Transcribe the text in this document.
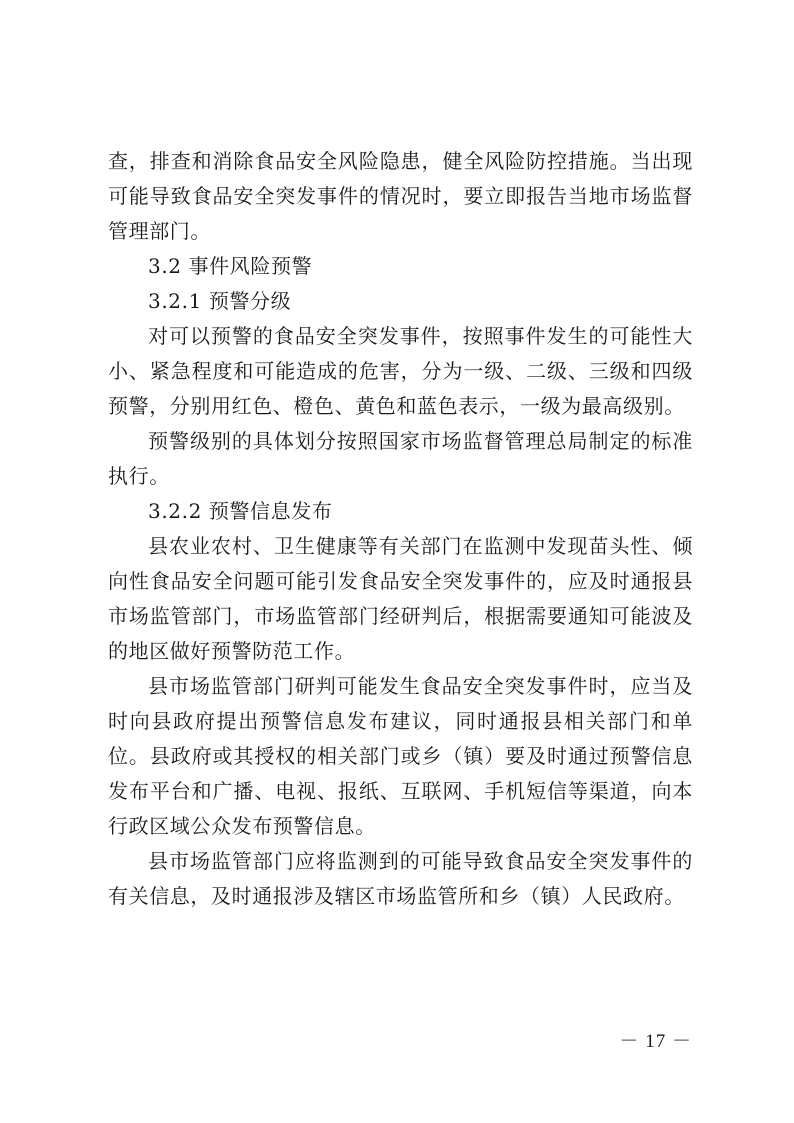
查，排查和消除食品安全风险隐患，健全风险防控措施。当出现可能导致食品安全突发事件的情况时，要立即报告当地市场监督管理部门。

3.2 事件风险预警

3.2.1 预警分级

对可以预警的食品安全突发事件，按照事件发生的可能性大小、紧急程度和可能造成的危害，分为一级、二级、三级和四级预警，分别用红色、橙色、黄色和蓝色表示，一级为最高级别。

预警级别的具体划分按照国家市场监督管理总局制定的标准执行。

3.2.2 预警信息发布

县农业农村、卫生健康等有关部门在监测中发现苗头性、倾向性食品安全问题可能引发食品安全突发事件的，应及时通报县市场监管部门，市场监管部门经研判后，根据需要通知可能波及的地区做好预警防范工作。

县市场监管部门研判可能发生食品安全突发事件时，应当及时向县政府提出预警信息发布建议，同时通报县相关部门和单位。县政府或其授权的相关部门或乡（镇）要及时通过预警信息发布平台和广播、电视、报纸、互联网、手机短信等渠道，向本行政区域公众发布预警信息。

县市场监管部门应将监测到的可能导致食品安全突发事件的有关信息，及时通报涉及辖区市场监管所和乡（镇）人民政府。

－ 17 －
